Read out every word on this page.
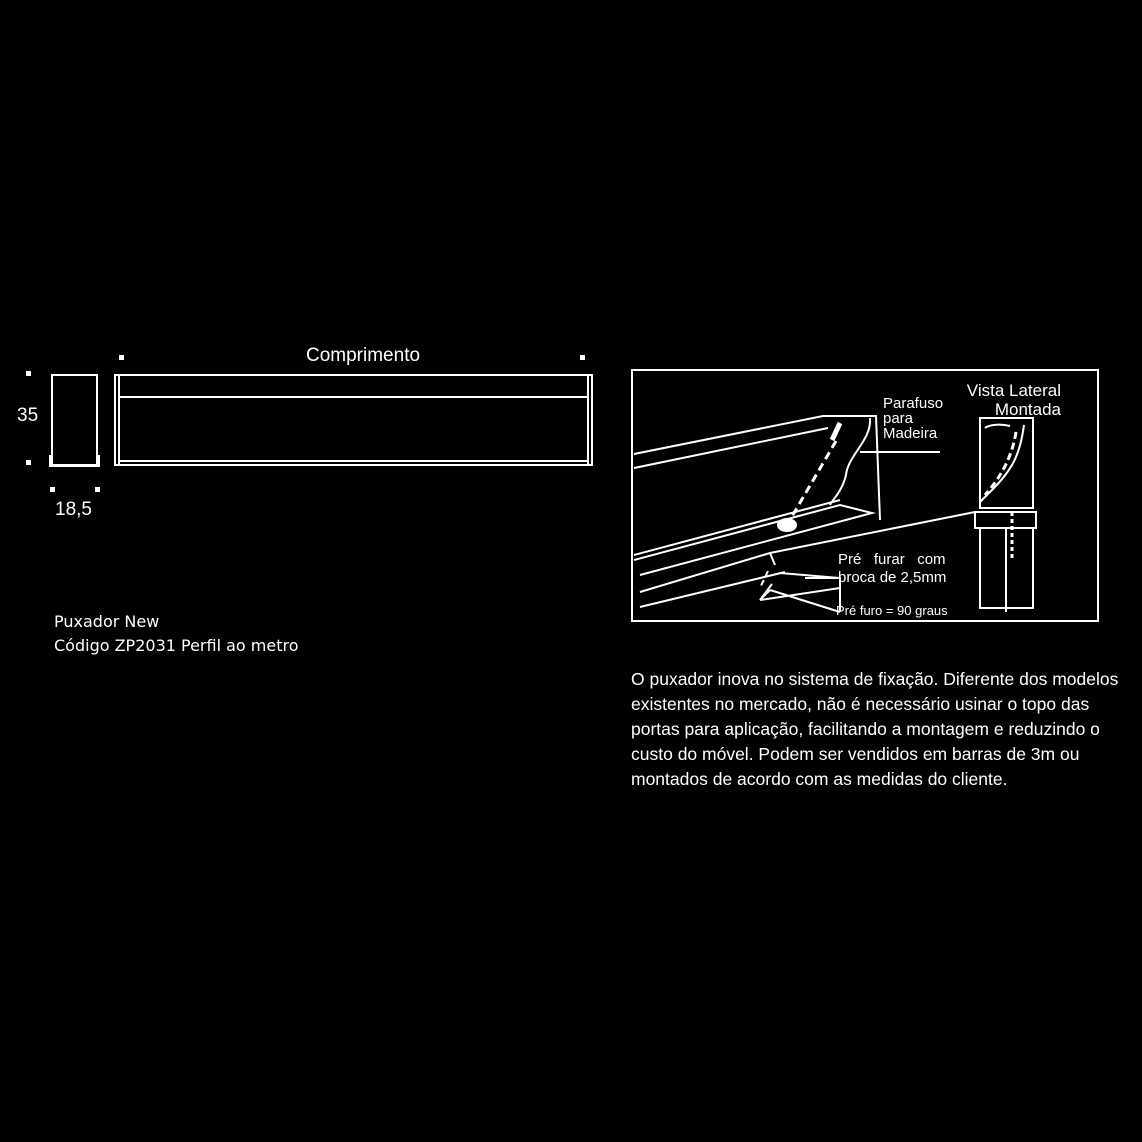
Comprimento
35
18,5
Puxador New
Código ZP2031 Perfil ao metro
Parafuso
para
Madeira
Vista Lateral
Montada
Pré   furar   com
broca de 2,5mm
Pré furo = 90 graus
O puxador inova no sistema de fixação. Diferente dos modelos existentes no mercado, não é necessário usinar o topo das portas para aplicação, facilitando a montagem e reduzindo o custo do móvel. Podem ser vendidos em barras de 3m ou montados de acordo com as medidas do cliente.
